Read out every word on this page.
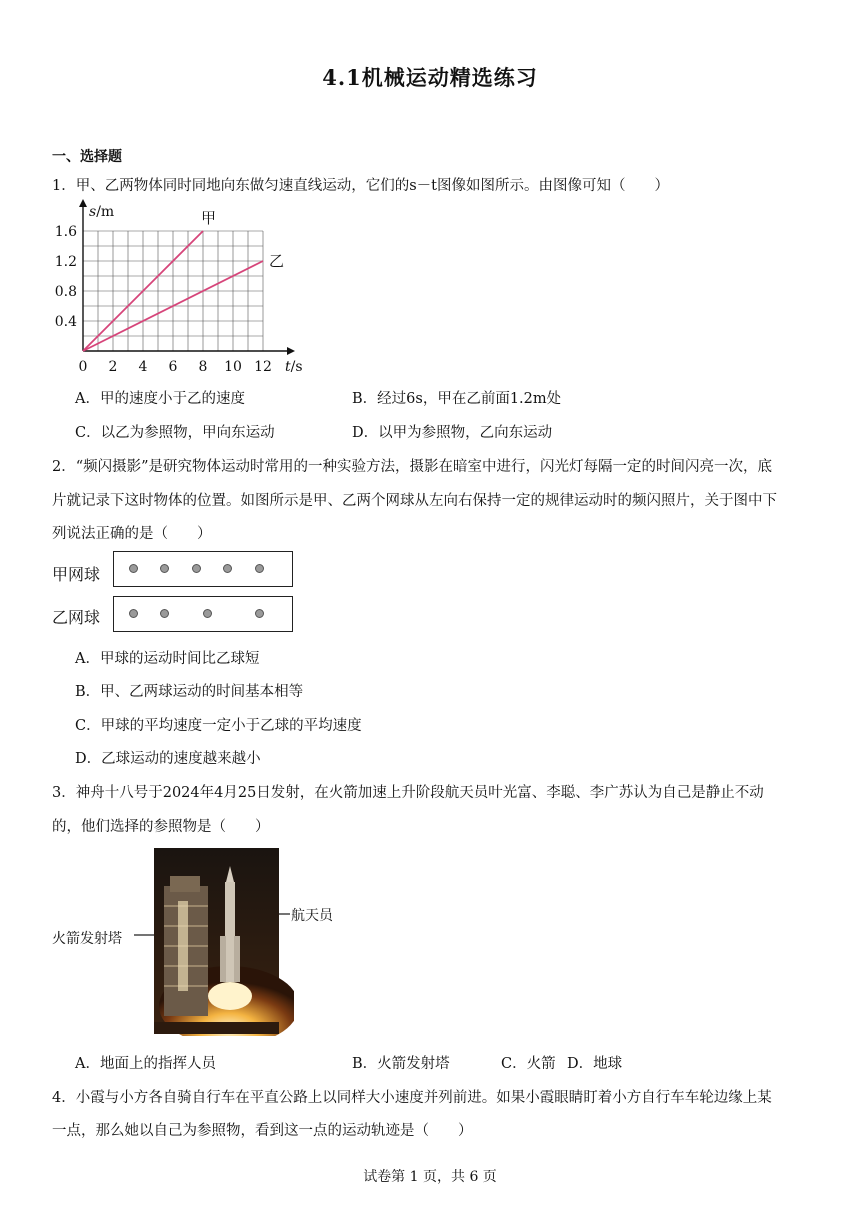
4.1机械运动精选练习
一、选择题
1．甲、乙两物体同时同地向东做匀速直线运动，它们的s－t图像如图所示。由图像可知（　　）
甲
乙
0 2 4 6 8 10 12
0.4
0.8
1.2
1.6
s/m
t/s
A．甲的速度小于乙的速度	B．经过6s，甲在乙前面1.2m处
C．以乙为参照物，甲向东运动	D．以甲为参照物，乙向东运动
2．“频闪摄影”是研究物体运动时常用的一种实验方法，摄影在暗室中进行，闪光灯每隔一定的时间闪亮一次，底
片就记录下这时物体的位置。如图所示是甲、乙两个网球从左向右保持一定的规律运动时的频闪照片，关于图中下
列说法正确的是（　　）
甲网球
乙网球
A．甲球的运动时间比乙球短
B．甲、乙两球运动的时间基本相等
C．甲球的平均速度一定小于乙球的平均速度
D．乙球运动的速度越来越小
3．神舟十八号于2024年4月25日发射，在火箭加速上升阶段航天员叶光富、李聪、李广苏认为自己是静止不动
的，他们选择的参照物是（　　）
火箭发射塔
航天员
A．地面上的指挥人员	B．火箭发射塔	C．火箭 D．地球
4．小霞与小方各自骑自行车在平直公路上以同样大小速度并列前进。如果小霞眼睛盯着小方自行车车轮边缘上某
一点，那么她以自己为参照物，看到这一点的运动轨迹是（　　）
试卷第 1 页，共 6 页
